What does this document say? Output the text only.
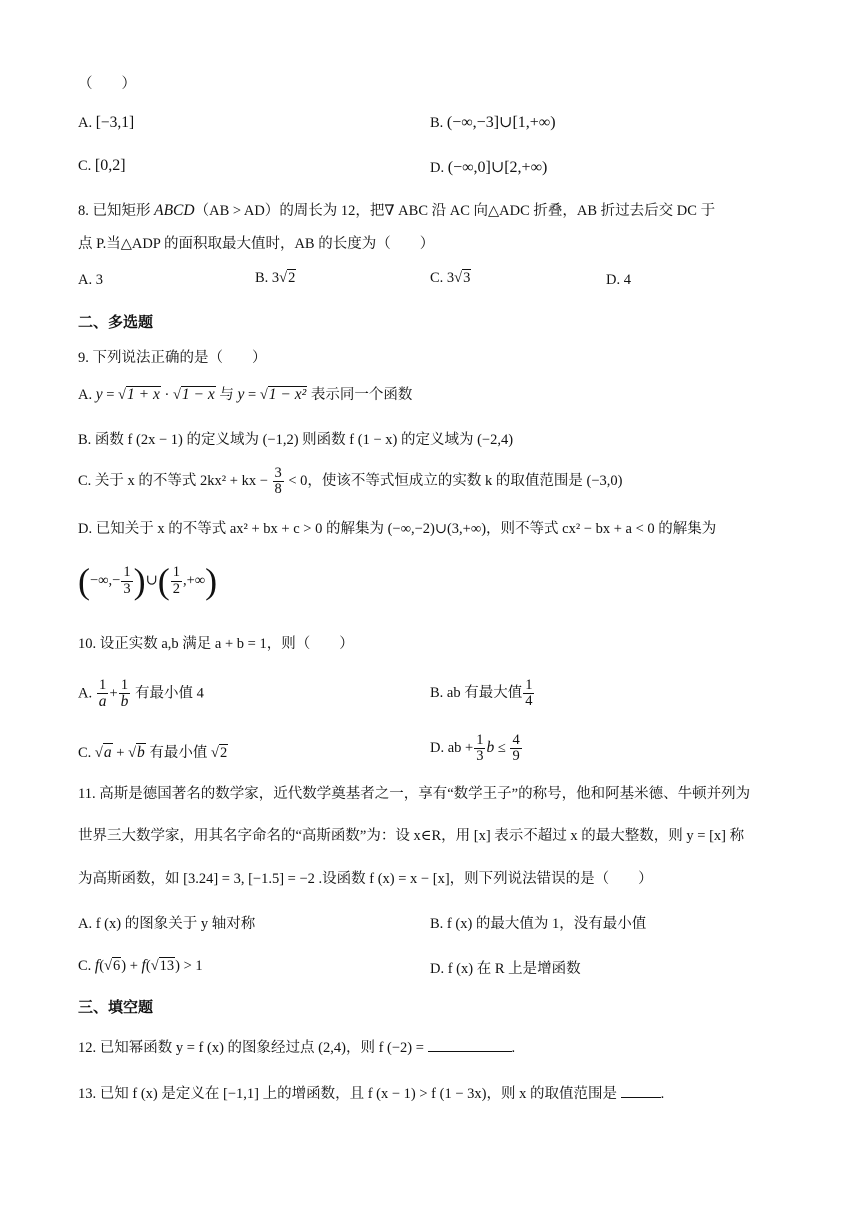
（　　）
A. [−3,1]	B. (−∞,−3]∪[1,+∞)
C. [0,2]	D. (−∞,0]∪[2,+∞)
8. 已知矩形 ABCD（AB > AD）的周长为 12，把∇ ABC 沿 AC 向△ADC 折叠，AB 折过去后交 DC 于
点 P.当△ADP 的面积取最大值时，AB 的长度为（　　）
A. 3	B. 3√2	C. 3√3	D. 4
二、多选题
9. 下列说法正确的是（　　）
A. y = √1 + x · √1 − x 与 y = √1 − x² 表示同一个函数
B. 函数 f (2x − 1) 的定义域为 (−1,2) 则函数 f (1 − x) 的定义域为 (−2,4)
C. 关于 x 的不等式 2kx² + kx − $\frac{3}{8} < 0$，使该不等式恒成立的实数 k 的取值范围是 (−3,0)
D. 已知关于 x 的不等式 ax² + bx + c > 0 的解集为 (−∞,−2)∪(3,+∞)，则不等式 cx² − bx + a < 0 的解集为
(−∞,− $\frac{1}{3}$ )∪( $\frac{1}{2}$ ,+∞)
10. 设正实数 a,b 满足 a + b = 1，则（　　）
A. $\frac{1}{a} + \frac{1}{b}$ 有最小值 4	B. ab 有最大值 $\frac{1}{4}$
C. √a + √b 有最小值 √2	D. ab + $\frac{1}{3}$ $b \le \frac{4}{9}$
11. 高斯是德国著名的数学家，近代数学奠基者之一，享有“数学王子”的称号，他和阿基米德、牛顿并列为
世界三大数学家，用其名字命名的“高斯函数”为：设 x∈R，用 [x] 表示不超过 x 的最大整数，则 y = [x] 称
为高斯函数，如 [3.24] = 3, [−1.5] = −2 .设函数 f (x) = x − [x]，则下列说法错误的是（　　）
A. f (x) 的图象关于 y 轴对称	B. f (x) 的最大值为 1，没有最小值
C. f(√6) + f(√13) > 1	D. f (x) 在 R 上是增函数
三、填空题
12. 已知幂函数 y = f (x) 的图象经过点 (2,4)，则 f (−2) =	.
13. 已知 f (x) 是定义在 [−1,1] 上的增函数，且 f (x − 1) > f (1 − 3x)，则 x 的取值范围是	.
